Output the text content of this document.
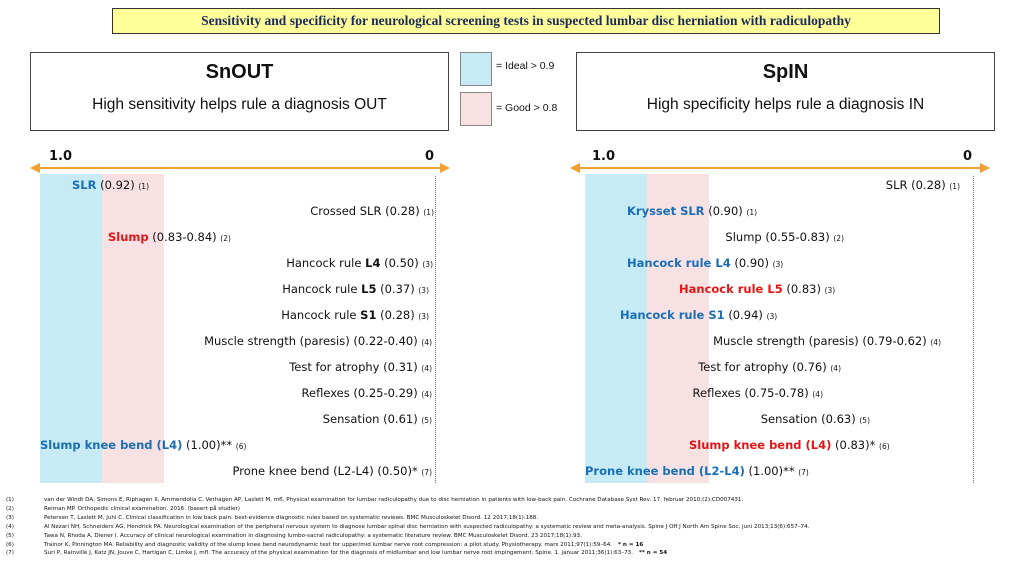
Sensitivity and specificity for neurological screening tests in suspected lumbar disc herniation with radiculopathy
SnOUT
High sensitivity helps rule a diagnosis OUT
= Ideal > 0.9
= Good > 0.8
SpIN
High specificity helps rule a diagnosis IN
1.0	0	1.0	0
SLR (0.92) (1)
Crossed SLR (0.28) (1)
Slump (0.83-0.84) (2)
Hancock rule L4 (0.50) (3)
Hancock rule L5 (0.37) (3)
Hancock rule S1 (0.28) (3)
Muscle strength (paresis) (0.22-0.40) (4)
Test for atrophy (0.31) (4)
Reflexes (0.25-0.29) (4)
Sensation (0.61) (5)
Slump knee bend (L4) (1.00)** (6)
Prone knee bend (L2-L4) (0.50)* (7)
SLR (0.28) (1)
Krysset SLR (0.90) (1)
Slump (0.55-0.83) (2)
Hancock rule L4 (0.90) (3)
Hancock rule L5 (0.83) (3)
Hancock rule S1 (0.94) (3)
Muscle strength (paresis) (0.79-0.62) (4)
Test for atrophy (0.76) (4)
Reflexes (0.75-0.78) (4)
Sensation (0.63) (5)
Slump knee bend (L4) (0.83)* (6)
Prone knee bend (L2-L4) (1.00)** (7)
(1)	van der Windt DA, Simons E, Riphagen II, Ammendolia C, Verhagen AP, Laslett M, mfl. Physical examination for lumbar radiculopathy due to disc herniation in patients with low-back pain. Cochrane Database Syst Rev. 17. februar 2010;(2):CD007431.
(2)	Reiman MP. Orthopedic clinical examination. 2016. (basert på studier)
(3)	Petersen T, Laslett M, Juhl C. Clinical classification in low back pain: best-evidence diagnostic rules based on systematic reviews. BMC Musculoskelet Disord. 12 2017;18(1):188.
(4)	Al Nezari NH, Schneiders AG, Hendrick PA. Neurological examination of the peripheral nervous system to diagnose lumbar spinal disc herniation with suspected radiculopathy: a systematic review and meta-analysis. Spine J Off J North Am Spine Soc. juni 2013;13(6):657–74.
(5)	Tawa N, Rhoda A, Diener I. Accuracy of clinical neurological examination in diagnosing lumbo-sacral radiculopathy: a systematic literature review. BMC Musculoskelet Disord. 23 2017;18(1):93.
(6)	Trainor K, Pinnington MA. Reliability and diagnostic validity of the slump knee bend neurodynamic test for upper/mid lumbar nerve root compression: a pilot study. Physiotherapy. mars 2011;97(1):59–64. * n = 16
(7)	Suri P, Rainville J, Katz JN, Jouve C, Hartigan C, Limke J, mfl. The accuracy of the physical examination for the diagnosis of midlumbar and low lumbar nerve root impingement. Spine. 1. januar 2011;36(1):63–73. ** n = 54
